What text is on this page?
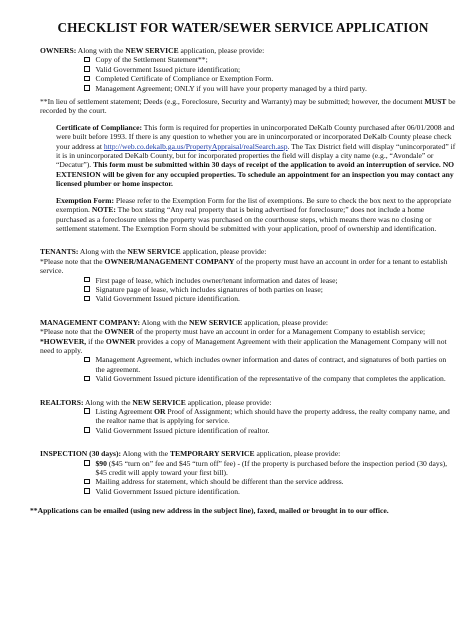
CHECKLIST FOR WATER/SEWER SERVICE APPLICATION

OWNERS: Along with the NEW SERVICE application, please provide:

Copy of the Settlement Statement**;
Valid Government Issued picture identification;
Completed Certificate of Compliance or Exemption Form.
Management Agreement; ONLY if you will have your property managed by a third party.

**In lieu of settlement statement; Deeds (e.g., Foreclosure, Security and Warranty) may be submitted; however, the document MUST be recorded by the court.

Certificate of Compliance: This form is required for properties in unincorporated DeKalb County purchased after 06/01/2008 and were built before 1993. If there is any question to whether you are in unincorporated or incorporated DeKalb County please check your address at http://web.co.dekalb.ga.us/PropertyAppraisal/realSearch.asp. The Tax District field will display “unincorporated” if it is in unincorporated DeKalb County, but for incorporated properties the field will display a city name (e.g., “Avondale” or “Decatur”). This form must be submitted within 30 days of receipt of the application to avoid an interruption of service. NO EXTENSION will be given for any occupied properties. To schedule an appointment for an inspection you may contact any licensed plumber or home inspector.

Exemption Form: Please refer to the Exemption Form for the list of exemptions. Be sure to check the box next to the appropriate exemption. NOTE: The box stating “Any real property that is being advertised for foreclosure;” does not include a home purchased as a foreclosure unless the property was purchased on the courthouse steps, which means there was no closing or settlement statement. The Exemption Form should be submitted with your application, proof of ownership and identification.

TENANTS: Along with the NEW SERVICE application, please provide:

*Please note that the OWNER/MANAGEMENT COMPANY of the property must have an account in order for a tenant to establish service.

First page of lease, which includes owner/tenant information and dates of lease;
Signature page of lease, which includes signatures of both parties on lease;
Valid Government Issued picture identification.

MANAGEMENT COMPANY: Along with the NEW SERVICE application, please provide:

*Please note that the OWNER of the property must have an account in order for a Management Company to establish service;

*HOWEVER, if the OWNER provides a copy of Management Agreement with their application the Management Company will not need to apply.

Management Agreement, which includes owner information and dates of contract, and signatures of both parties on the agreement.
Valid Government Issued picture identification of the representative of the company that completes the application.

REALTORS: Along with the NEW SERVICE application, please provide:

Listing Agreement OR Proof of Assignment; which should have the property address, the realty company name, and the realtor name that is applying for service.
Valid Government Issued picture identification of realtor.

INSPECTION (30 days): Along with the TEMPORARY SERVICE application, please provide:

$90 ($45 “turn on” fee and $45 “turn off” fee) - (If the property is purchased before the inspection period (30 days), $45 credit will apply toward your first bill).
Mailing address for statement, which should be different than the service address.
Valid Government Issued picture identification.

**Applications can be emailed (using new address in the subject line), faxed, mailed or brought in to our office.
